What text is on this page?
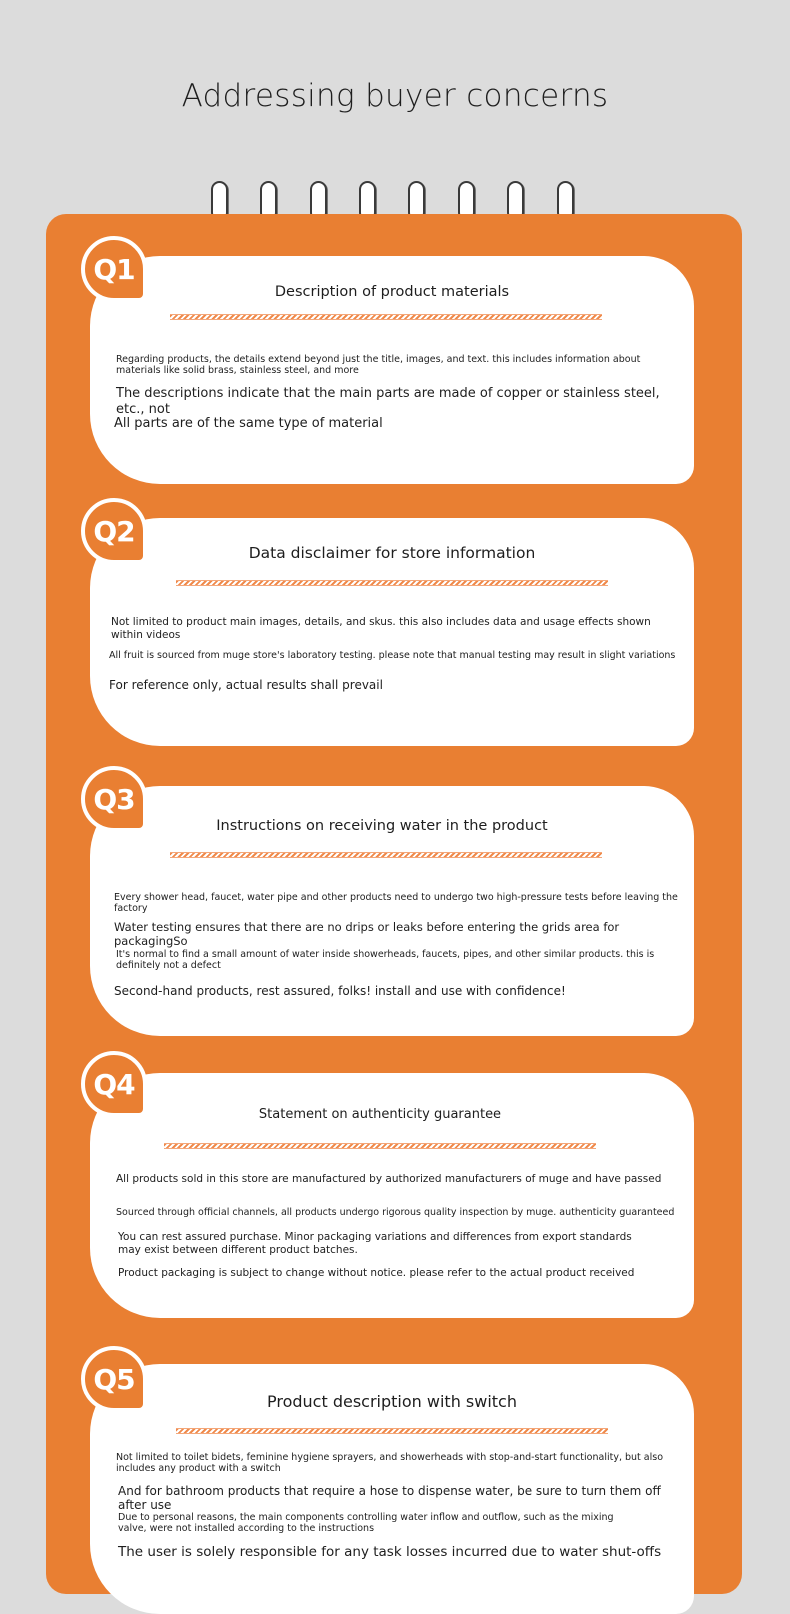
Addressing buyer concerns
Description of product materials
Regarding products, the details extend beyond just the title, images, and text. this includes information about materials like solid brass, stainless steel, and more
The descriptions indicate that the main parts are made of copper or stainless steel, etc., not
All parts are of the same type of material
Q1
Data disclaimer for store information
Not limited to product main images, details, and skus. this also includes data and usage effects shown within videos
All fruit is sourced from muge store's laboratory testing. please note that manual testing may result in slight variations
For reference only, actual results shall prevail
Q2
Instructions on receiving water in the product
Every shower head, faucet, water pipe and other products need to undergo two high-pressure tests before leaving the factory
Water testing ensures that there are no drips or leaks before entering the grids area for packagingSo
It's normal to find a small amount of water inside showerheads, faucets, pipes, and other similar products. this is definitely not a defect
Second-hand products, rest assured, folks! install and use with confidence!
Q3
Statement on authenticity guarantee
All products sold in this store are manufactured by authorized manufacturers of muge and have passed
Sourced through official channels, all products undergo rigorous quality inspection by muge. authenticity guaranteed
You can rest assured purchase. Minor packaging variations and differences from export standards may exist between different product batches.
Product packaging is subject to change without notice. please refer to the actual product received
Q4
Product description with switch
Not limited to toilet bidets, feminine hygiene sprayers, and showerheads with stop-and-start functionality, but also includes any product with a switch
And for bathroom products that require a hose to dispense water, be sure to turn them off after use
Due to personal reasons, the main components controlling water inflow and outflow, such as the mixing valve, were not installed according to the instructions
The user is solely responsible for any task losses incurred due to water shut-offs
Q5
